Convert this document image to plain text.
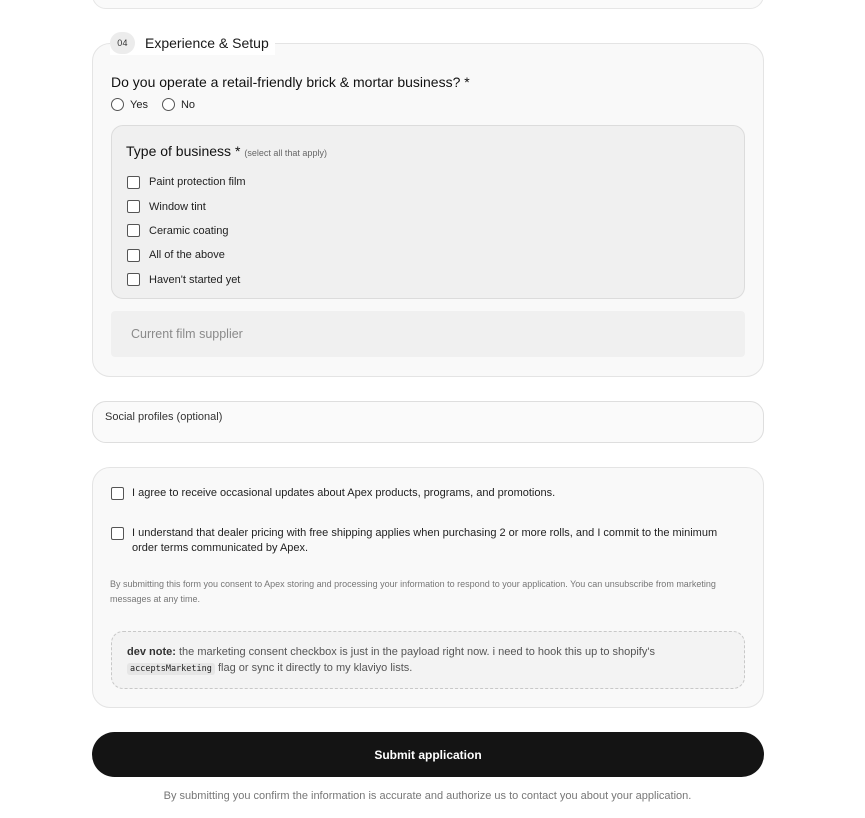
04	Experience & Setup
Do you operate a retail-friendly brick & mortar business? *
Yes	No
Type of business * (select all that apply)
Paint protection film
Window tint
Ceramic coating
All of the above
Haven't started yet
Current film supplier
Social profiles (optional)
I agree to receive occasional updates about Apex products, programs, and promotions.
I understand that dealer pricing with free shipping applies when purchasing 2 or more rolls, and I commit to the minimum order terms communicated by Apex.
By submitting this form you consent to Apex storing and processing your information to respond to your application. You can unsubscribe from marketing messages at any time.
dev note: the marketing consent checkbox is just in the payload right now. i need to hook this up to shopify's
acceptsMarketing flag or sync it directly to my klaviyo lists.
Submit application
By submitting you confirm the information is accurate and authorize us to contact you about your application.
